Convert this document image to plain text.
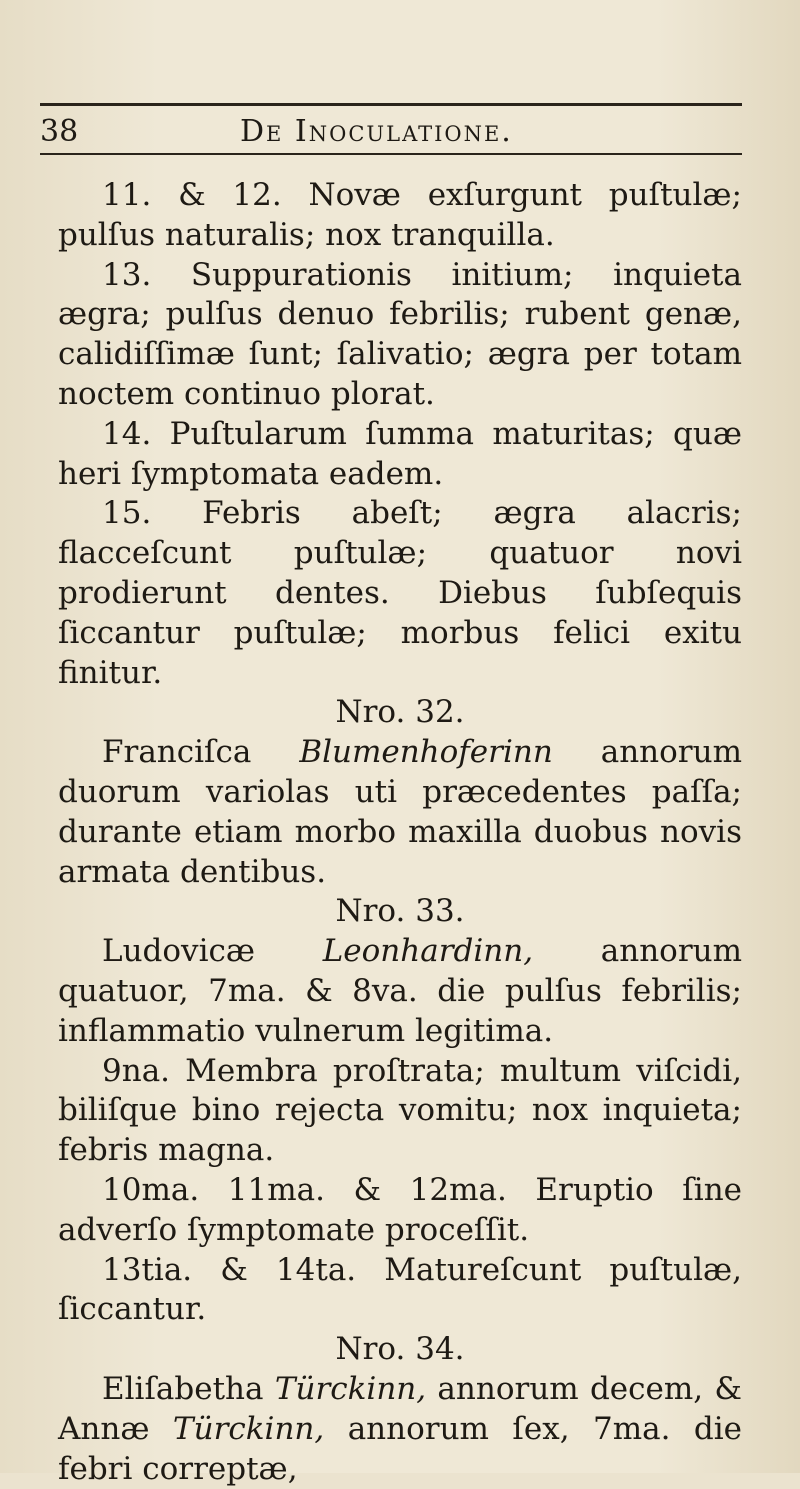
38	De Inoculatione.

11. & 12. Novæ exſurgunt puſtulæ; pulſus naturalis; nox tranquilla.

13. Suppurationis initium; inquieta ægra; pulſus denuo febrilis; rubent genæ, calidiſſimæ ſunt; ſalivatio; ægra per totam noctem continuo plorat.

14. Puſtularum ſumma maturitas; quæ heri ſymptomata eadem.

15. Febris abeſt; ægra alacris; flacceſcunt puſtulæ; quatuor novi prodierunt dentes. Diebus ſubſequis ſiccantur puſtulæ; morbus felici exitu finitur.

Nro. 32.

Franciſca Blumenhoferinn annorum duorum variolas uti præcedentes paſſa; durante etiam morbo maxilla duobus novis armata dentibus.

Nro. 33.

Ludovicæ Leonhardinn, annorum quatuor, 7ma. & 8va. die pulſus febrilis; inflammatio vulnerum legitima.

9na. Membra proſtrata; multum viſcidi, biliſque bino rejecta vomitu; nox inquieta; febris magna.

10ma. 11ma. & 12ma. Eruptio ſine adverſo ſymptomate proceſſit.

13tia. & 14ta. Matureſcunt puſtulæ, ſiccantur.

Nro. 34.

Eliſabetha Türckinn, annorum decem, & Annæ Türckinn, annorum ſex, 7ma. die febri correptæ,
